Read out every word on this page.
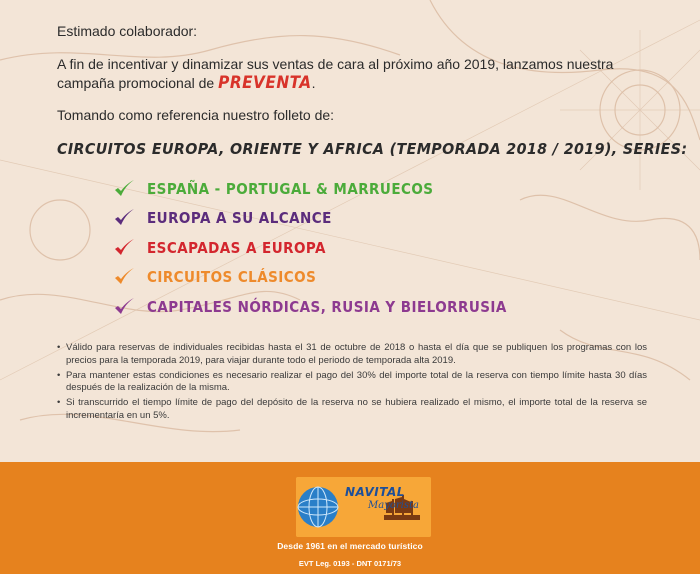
Estimado colaborador:
A fin de incentivar y dinamizar sus ventas de cara al próximo año 2019, lanzamos nuestra campaña promocional de PREVENTA.
Tomando como referencia nuestro folleto de:
CIRCUITOS EUROPA, ORIENTE Y AFRICA (TEMPORADA 2018 / 2019), SERIES:
ESPAÑA - PORTUGAL & MARRUECOS
EUROPA A SU ALCANCE
ESCAPADAS A EUROPA
CIRCUITOS CLÁSICOS
CAPITALES NÓRDICAS, RUSIA Y BIELORRUSIA
• Válido para reservas de individuales recibidas hasta el 31 de octubre de 2018 o hasta el día que se publiquen los programas con los precios para la temporada 2019, para viajar durante todo el periodo de temporada alta 2019.
• Para mantener estas condiciones es necesario realizar el pago del 30% del importe total de la reserva con tiempo límite hasta 30 días después de la realización de la misma.
• Si transcurrido el tiempo límite de pago del depósito de la reserva no se hubiera realizado el mismo, el importe total de la reserva se incrementaría en un 5%.
NAVITAL
Mayorista
Desde 1961 en el mercado turístico
EVT Leg. 0193 - DNT 0171/73
